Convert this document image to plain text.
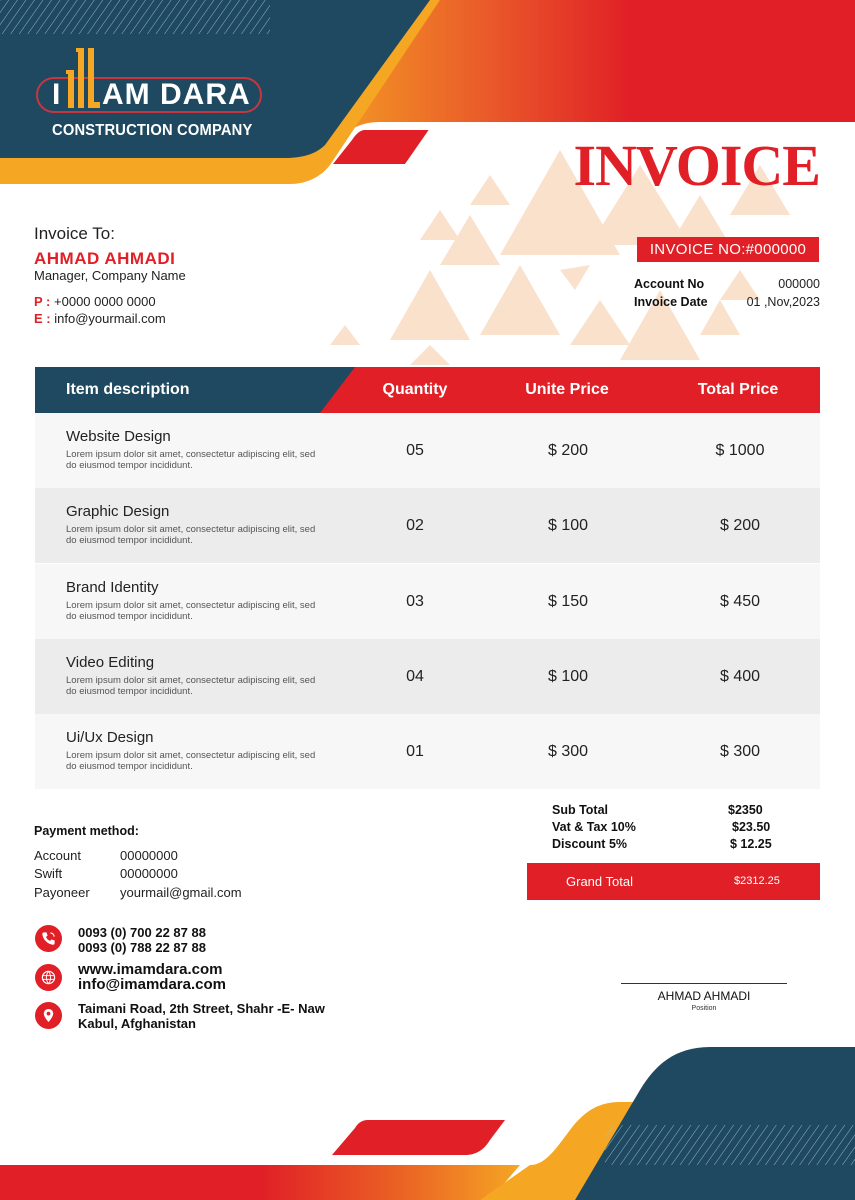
I AM DARA
CONSTRUCTION COMPANY
INVOICE
Invoice To:
AHMAD AHMADI
Manager, Company Name
P : +0000 0000 0000
E : info@yourmail.com
INVOICE NO:#000000
Account No	000000
Invoice Date	01 ,Nov,2023
Item description	Quantity	Unite Price	Total Price
Website Design
Lorem ipsum dolor sit amet, consectetur adipiscing elit, sed do eiusmod tempor incididunt.
05	$ 200	$ 1000
Graphic Design
Lorem ipsum dolor sit amet, consectetur adipiscing elit, sed do eiusmod tempor incididunt.
02	$ 100	$ 200
Brand Identity
Lorem ipsum dolor sit amet, consectetur adipiscing elit, sed do eiusmod tempor incididunt.
03	$ 150	$ 450
Video Editing
Lorem ipsum dolor sit amet, consectetur adipiscing elit, sed do eiusmod tempor incididunt.
04	$ 100	$ 400
Ui/Ux Design
Lorem ipsum dolor sit amet, consectetur adipiscing elit, sed do eiusmod tempor incididunt.
01	$ 300	$ 300
Sub Total	$2350
Vat & Tax 10%	$23.50
Discount 5%	$ 12.25
Grand Total	$2312.25
Payment method:
Account	00000000
Swift	00000000
Payoneer yourmail@gmail.com
0093 (0) 700 22 87 88
0093 (0) 788 22 87 88
www.imamdara.com
info@imamdara.com
Taimani Road, 2th Street, Shahr -E- Naw
Kabul, Afghanistan
AHMAD AHMADI
Position
